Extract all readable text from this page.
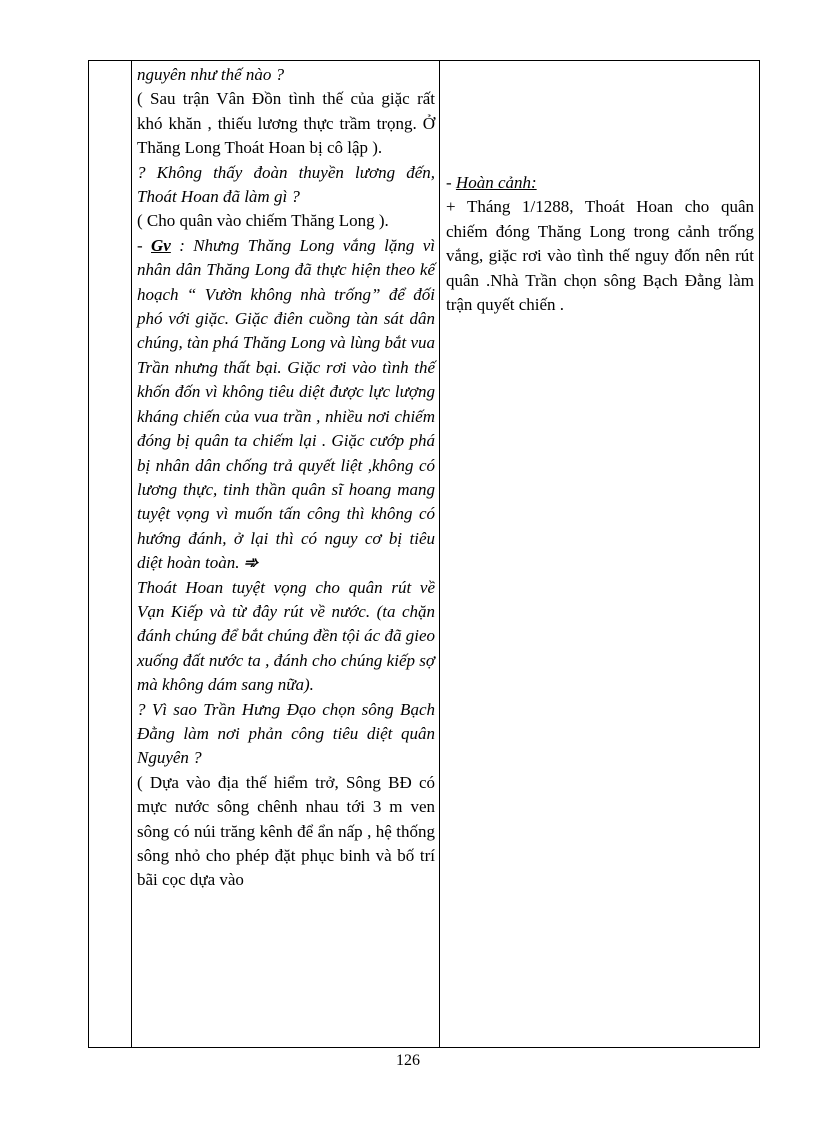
nguyên như thế nào ?

( Sau trận Vân Đồn tình thế của giặc rất khó khăn , thiếu lương thực trầm trọng. Ở Thăng Long Thoát Hoan bị cô lập ).

? Không thấy đoàn thuyền lương đến, Thoát Hoan đã làm gì ?

( Cho quân vào chiếm Thăng Long ).

- Gv : Nhưng Thăng Long vắng lặng vì nhân dân Thăng Long đã thực hiện theo kế hoạch “ Vườn không nhà trống” để đối phó với giặc. Giặc điên cuồng tàn sát dân chúng, tàn phá Thăng Long và lùng bắt vua Trần nhưng thất bại. Giặc rơi vào tình thế khốn đốn vì không tiêu diệt được lực lượng kháng chiến của vua trần , nhiều nơi chiếm đóng bị quân ta chiếm lại . Giặc cướp phá bị nhân dân chống trả quyết liệt ,không có lương thực, tinh thần quân sĩ hoang mang tuyệt vọng vì muốn tấn công thì không có hướng đánh, ở lại thì có nguy cơ bị tiêu diệt hoàn toàn. ➾
Thoát Hoan tuyệt vọng cho quân rút về Vạn Kiếp và từ đây rút về nước. (ta chặn đánh chúng để bắt chúng đền tội ác đã gieo xuống đất nước ta , đánh cho chúng kiếp sợ mà không dám sang nữa).

? Vì sao Trần Hưng Đạo chọn sông Bạch Đằng làm nơi phản công tiêu diệt quân Nguyên ?

( Dựa vào địa thế hiểm trở, Sông BĐ có mực nước sông chênh nhau tới 3 m ven sông có núi trăng kênh để ẩn nấp , hệ thống sông nhỏ cho phép đặt phục binh và bố trí bãi cọc dựa vào

- Hoàn cảnh:

+ Tháng 1/1288, Thoát Hoan cho quân chiếm đóng Thăng Long trong cảnh trống vắng, giặc rơi vào tình thế nguy đốn nên rút quân .Nhà Trần chọn sông Bạch Đằng làm trận quyết chiến .

126
